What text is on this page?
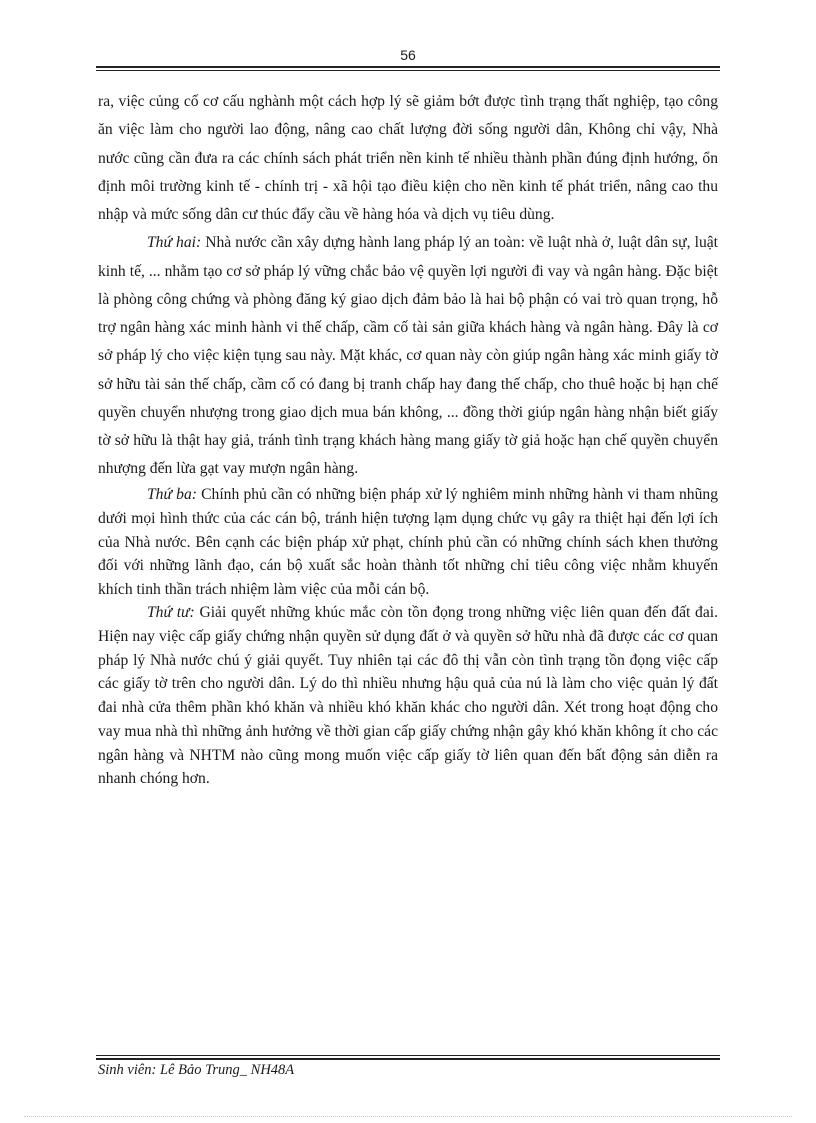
56

ra, việc củng cố cơ cấu nghành một cách hợp lý sẽ giảm bớt được tình trạng thất nghiệp, tạo công ăn việc làm cho người lao động, nâng cao chất lượng đời sống người dân, Không chỉ vậy, Nhà nước cũng cần đưa ra các chính sách phát triển nền kinh tế nhiều thành phần đúng định hướng, ổn định môi trường kinh tế - chính trị - xã hội tạo điều kiện cho nền kinh tế phát triển, nâng cao thu nhập và mức sống dân cư thúc đẩy cầu về hàng hóa và dịch vụ tiêu dùng.

Thứ hai: Nhà nước cần xây dựng hành lang pháp lý an toàn: về luật nhà ở, luật dân sự, luật kinh tế, ... nhằm tạo cơ sở pháp lý vững chắc bảo vệ quyền lợi người đi vay và ngân hàng. Đặc biệt là phòng công chứng và phòng đăng ký giao dịch đảm bảo là hai bộ phận có vai trò quan trọng, hỗ trợ ngân hàng xác minh hành vi thế chấp, cầm cố tài sản giữa khách hàng và ngân hàng. Đây là cơ sở pháp lý cho việc kiện tụng sau này. Mặt khác, cơ quan này còn giúp ngân hàng xác minh giấy tờ sở hữu tài sản thế chấp, cầm cố có đang bị tranh chấp hay đang thế chấp, cho thuê hoặc bị hạn chế quyền chuyển nhượng trong giao dịch mua bán không, ... đồng thời giúp ngân hàng nhận biết giấy tờ sở hữu là thật hay giả, tránh tình trạng khách hàng mang giấy tờ giả hoặc hạn chế quyền chuyển nhượng đến lừa gạt vay mượn ngân hàng.

Thứ ba: Chính phủ cần có những biện pháp xử lý nghiêm minh những hành vi tham nhũng dưới mọi hình thức của các cán bộ, tránh hiện tượng lạm dụng chức vụ gây ra thiệt hại đến lợi ích của Nhà nước. Bên cạnh các biện pháp xử phạt, chính phủ cần có những chính sách khen thưởng đối với những lãnh đạo, cán bộ xuất sắc hoàn thành tốt những chỉ tiêu công việc nhằm khuyến khích tinh thần trách nhiệm làm việc của mỗi cán bộ.

Thứ tư: Giải quyết những khúc mắc còn tồn đọng trong những việc liên quan đến đất đai. Hiện nay việc cấp giấy chứng nhận quyền sử dụng đất ở và quyền sở hữu nhà đã được các cơ quan pháp lý Nhà nước chú ý giải quyết. Tuy nhiên tại các đô thị vẫn còn tình trạng tồn đọng việc cấp các giấy tờ trên cho người dân. Lý do thì nhiều nhưng hậu quả của nú là làm cho việc quản lý đất đai nhà cửa thêm phần khó khăn và nhiều khó khăn khác cho người dân. Xét trong hoạt động cho vay mua nhà thì những ảnh hưởng về thời gian cấp giấy chứng nhận gây khó khăn không ít cho các ngân hàng và NHTM nào cũng mong muốn việc cấp giấy tờ liên quan đến bất động sản diễn ra nhanh chóng hơn.

Sinh viên: Lê Bảo Trung_ NH48A
